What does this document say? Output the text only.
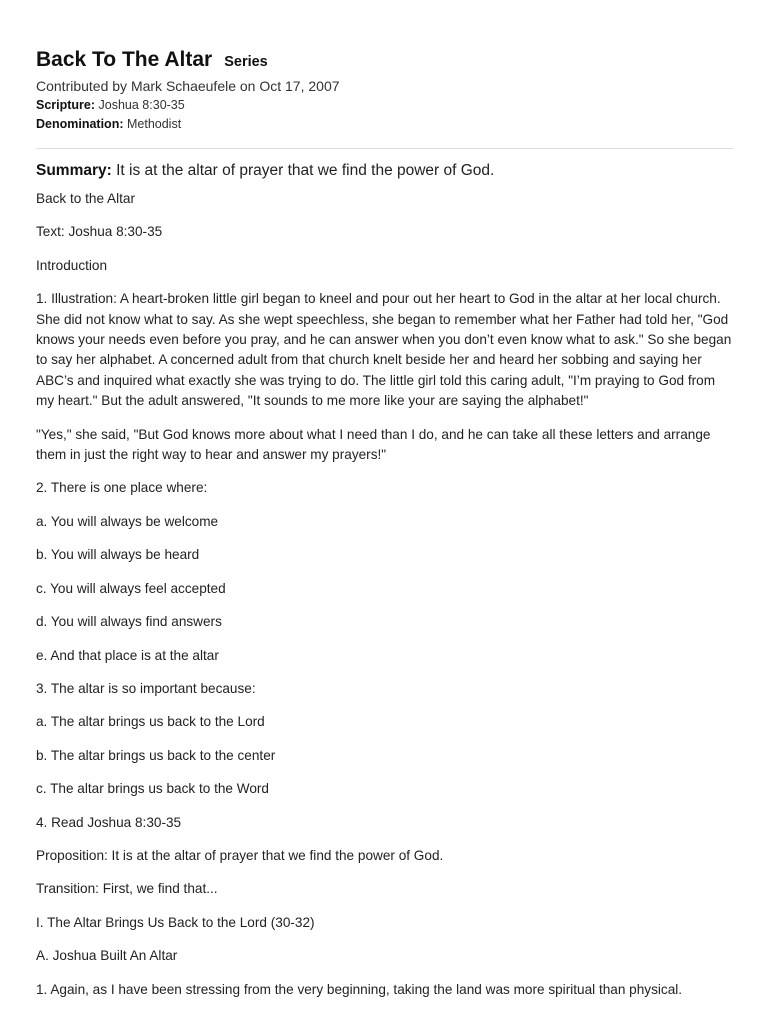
Back To The Altar Series
Contributed by Mark Schaeufele on Oct 17, 2007
Scripture: Joshua 8:30-35
Denomination: Methodist
Summary: It is at the altar of prayer that we find the power of God.

Back to the Altar

Text: Joshua 8:30-35

Introduction

1. Illustration: A heart-broken little girl began to kneel and pour out her heart to God in the altar at her local church. She did not know what to say. As she wept speechless, she began to remember what her Father had told her, "God knows your needs even before you pray, and he can answer when you don’t even know what to ask." So she began to say her alphabet. A concerned adult from that church knelt beside her and heard her sobbing and saying her ABC’s and inquired what exactly she was trying to do. The little girl told this caring adult, "I’m praying to God from my heart." But the adult answered, "It sounds to me more like your are saying the alphabet!"

"Yes," she said, "But God knows more about what I need than I do, and he can take all these letters and arrange them in just the right way to hear and answer my prayers!"

2. There is one place where:

a. You will always be welcome

b. You will always be heard

c. You will always feel accepted

d. You will always find answers

e. And that place is at the altar

3. The altar is so important because:

a. The altar brings us back to the Lord

b. The altar brings us back to the center

c. The altar brings us back to the Word

4. Read Joshua 8:30-35

Proposition: It is at the altar of prayer that we find the power of God.

Transition: First, we find that...

I. The Altar Brings Us Back to the Lord (30-32)

A. Joshua Built An Altar

1. Again, as I have been stressing from the very beginning, taking the land was more spiritual than physical.
